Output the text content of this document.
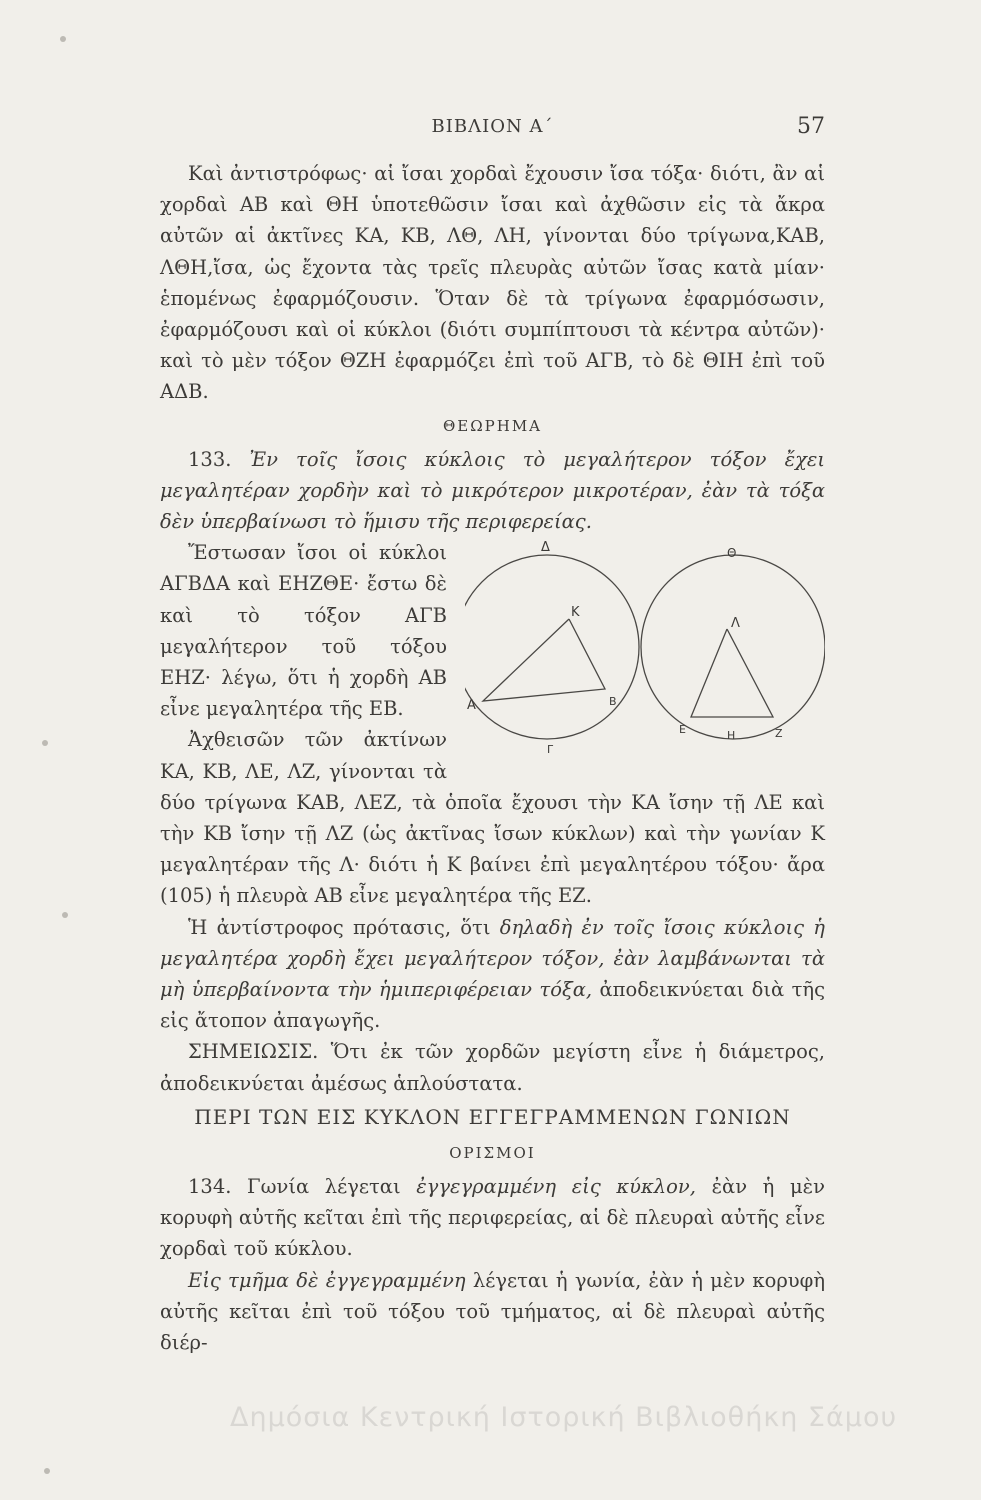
ΒΙΒΛΙΟΝ Α΄	57

Καὶ ἀντιστρόφως· αἱ ἴσαι χορδαὶ ἔχουσιν ἴσα τόξα· διότι, ἂν αἱ χορδαὶ ΑΒ καὶ ΘΗ ὑποτεθῶσιν ἴσαι καὶ ἀχθῶσιν εἰς τὰ ἄκρα αὐτῶν αἱ ἀκτῖνες ΚΑ, ΚΒ, ΛΘ, ΛΗ, γίνονται δύο τρίγωνα,ΚΑΒ, ΛΘΗ,ἴσα, ὡς ἔχοντα τὰς τρεῖς πλευρὰς αὐτῶν ἴσας κατὰ μίαν· ἑπομένως ἐφαρμόζουσιν. Ὅταν δὲ τὰ τρίγωνα ἐφαρμόσωσιν, ἐφαρμόζουσι καὶ οἱ κύκλοι (διότι συμπίπτουσι τὰ κέντρα αὐτῶν)· καὶ τὸ μὲν τόξον ΘΖΗ ἐφαρμόζει ἐπὶ τοῦ ΑΓΒ, τὸ δὲ ΘΙΗ ἐπὶ τοῦ ΑΔΒ.

ΘΕΩΡΗΜΑ

133. Ἐν τοῖς ἴσοις κύκλοις τὸ μεγαλήτερον τόξον ἔχει μεγαλητέραν χορδὴν καὶ τὸ μικρότερον μικροτέραν, ἐὰν τὰ τόξα δὲν ὑπερβαίνωσι τὸ ἥμισυ τῆς περιφερείας.

Δ
Κ
Α	Β
Γ
Θ
Λ
Ε	Η	Ζ

Ἔστωσαν ἴσοι οἱ κύκλοι ΑΓΒΔΑ καὶ ΕΗΖΘΕ· ἔστω δὲ καὶ τὸ τόξον ΑΓΒ μεγαλήτερον τοῦ τόξου ΕΗΖ· λέγω, ὅτι ἡ χορδὴ ΑΒ εἶνε μεγαλητέρα τῆς ΕΒ.

Ἀχθεισῶν τῶν ἀκτίνων ΚΑ, ΚΒ, ΛΕ, ΛΖ, γίνονται τὰ δύο τρίγωνα ΚΑΒ, ΛΕΖ, τὰ ὁποῖα ἔχουσι τὴν ΚΑ ἴσην τῇ ΛΕ καὶ τὴν ΚΒ ἴσην τῇ ΛΖ (ὡς ἀκτῖνας ἴσων κύκλων) καὶ τὴν γωνίαν Κ μεγαλητέραν τῆς Λ· διότι ἡ Κ βαίνει ἐπὶ μεγαλητέρου τόξου· ἄρα (105) ἡ πλευρὰ ΑΒ εἶνε μεγαλητέρα τῆς ΕΖ.

Ἡ ἀντίστροφος πρότασις, ὅτι δηλαδὴ ἐν τοῖς ἴσοις κύκλοις ἡ μεγαλητέρα χορδὴ ἔχει μεγαλήτερον τόξον, ἐὰν λαμβάνωνται τὰ μὴ ὑπερβαίνοντα τὴν ἡμιπεριφέρειαν τόξα, ἀποδεικνύεται διὰ τῆς εἰς ἄτοπον ἀπαγωγῆς.

ΣΗΜΕΙΩΣΙΣ. Ὅτι ἐκ τῶν χορδῶν μεγίστη εἶνε ἡ διάμετρος, ἀποδεικνύεται ἀμέσως ἁπλούστατα.

ΠΕΡΙ ΤΩΝ ΕΙΣ ΚΥΚΛΟΝ ΕΓΓΕΓΡΑΜΜΕΝΩΝ ΓΩΝΙΩΝ

ΟΡΙΣΜΟΙ

134. Γωνία λέγεται ἐγγεγραμμένη εἰς κύκλον, ἐὰν ἡ μὲν κορυφὴ αὐτῆς κεῖται ἐπὶ τῆς περιφερείας, αἱ δὲ πλευραὶ αὐτῆς εἶνε χορδαὶ τοῦ κύκλου.

Εἰς τμῆμα δὲ ἐγγεγραμμένη λέγεται ἡ γωνία, ἐὰν ἡ μὲν κορυφὴ αὐτῆς κεῖται ἐπὶ τοῦ τόξου τοῦ τμήματος, αἱ δὲ πλευραὶ αὐτῆς διέρ-

Δημόσια Κεντρική Ιστορική Βιβλιοθήκη Σάμου
